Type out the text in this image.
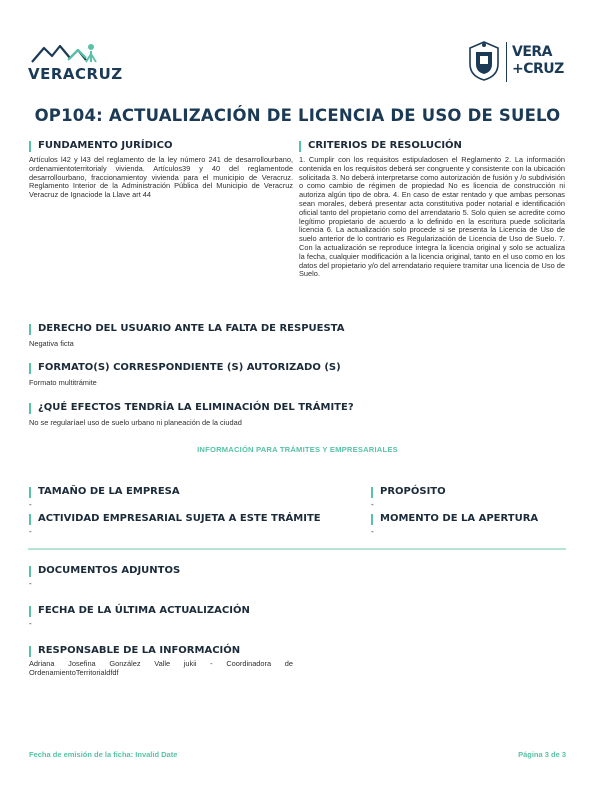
VERACRUZ
VERA
+CRUZ
OP104: ACTUALIZACIÓN DE LICENCIA DE USO DE SUELO
FUNDAMENTO JURÍDICO
Artículos l42 y l43 del reglamento de la ley número 241 de desarrollourbano, ordenamientoterritorialy vivienda. Artículos39 y 40 del reglamentode desarrollourbano, fraccionamientoy vivienda para el municipio de Veracruz. Reglamento Interior de la Administración Pública del Municipio de Veracruz Veracruz de Ignaciode la Llave art 44
CRITERIOS DE RESOLUCIÓN
1. Cumplir con los requisitos estipuladosen el Reglamento 2. La información contenida en los requisitos deberá ser congruente y consistente con la ubicación solicitada 3. No deberá interpretarse como autorización de fusión y /o subdivisión o como cambio de régimen de propiedad No es licencia de construcción ni autoriza algún tipo de obra. 4. En caso de estar rentado y que ambas personas sean morales, deberá presentar acta constitutiva poder notarial e identificación oficial tanto del propietario como del arrendatario 5. Solo quien se acredite como legítimo propietario de acuerdo a lo definido en la escritura puede solicitarla licencia 6. La actualización solo procede si se presenta la Licencia de Uso de suelo anterior de lo contrario es Regularización de Licencia de Uso de Suelo. 7. Con la actualización se reproduce íntegra la licencia original y solo se actualiza la fecha, cualquier modificación a la licencia original, tanto en el uso como en los datos del propietario y/o del arrendatario requiere tramitar una licencia de Uso de Suelo.
DERECHO DEL USUARIO ANTE LA FALTA DE RESPUESTA
Negativa ficta
FORMATO(S) CORRESPONDIENTE (S) AUTORIZADO (S)
Formato multitrámite
¿QUÉ EFECTOS TENDRÍA LA ELIMINACIÓN DEL TRÁMITE?
No se regularíael uso de suelo urbano ni planeación de la ciudad
INFORMACIÓN PARA TRÁMITES Y EMPRESARIALES
TAMAÑO DE LA EMPRESA
-
PROPÓSITO
-
ACTIVIDAD EMPRESARIAL SUJETA A ESTE TRÁMITE
-
MOMENTO DE LA APERTURA
-
DOCUMENTOS ADJUNTOS
-
FECHA DE LA ÚLTIMA ACTUALIZACIÓN
-
RESPONSABLE DE LA INFORMACIÓN
Adriana Josefina González Valle jukii - Coordinadora de OrdenamientoTerritorialdfdf
Fecha de emisión de la ficha: Invalid Date	Página 3 de 3
